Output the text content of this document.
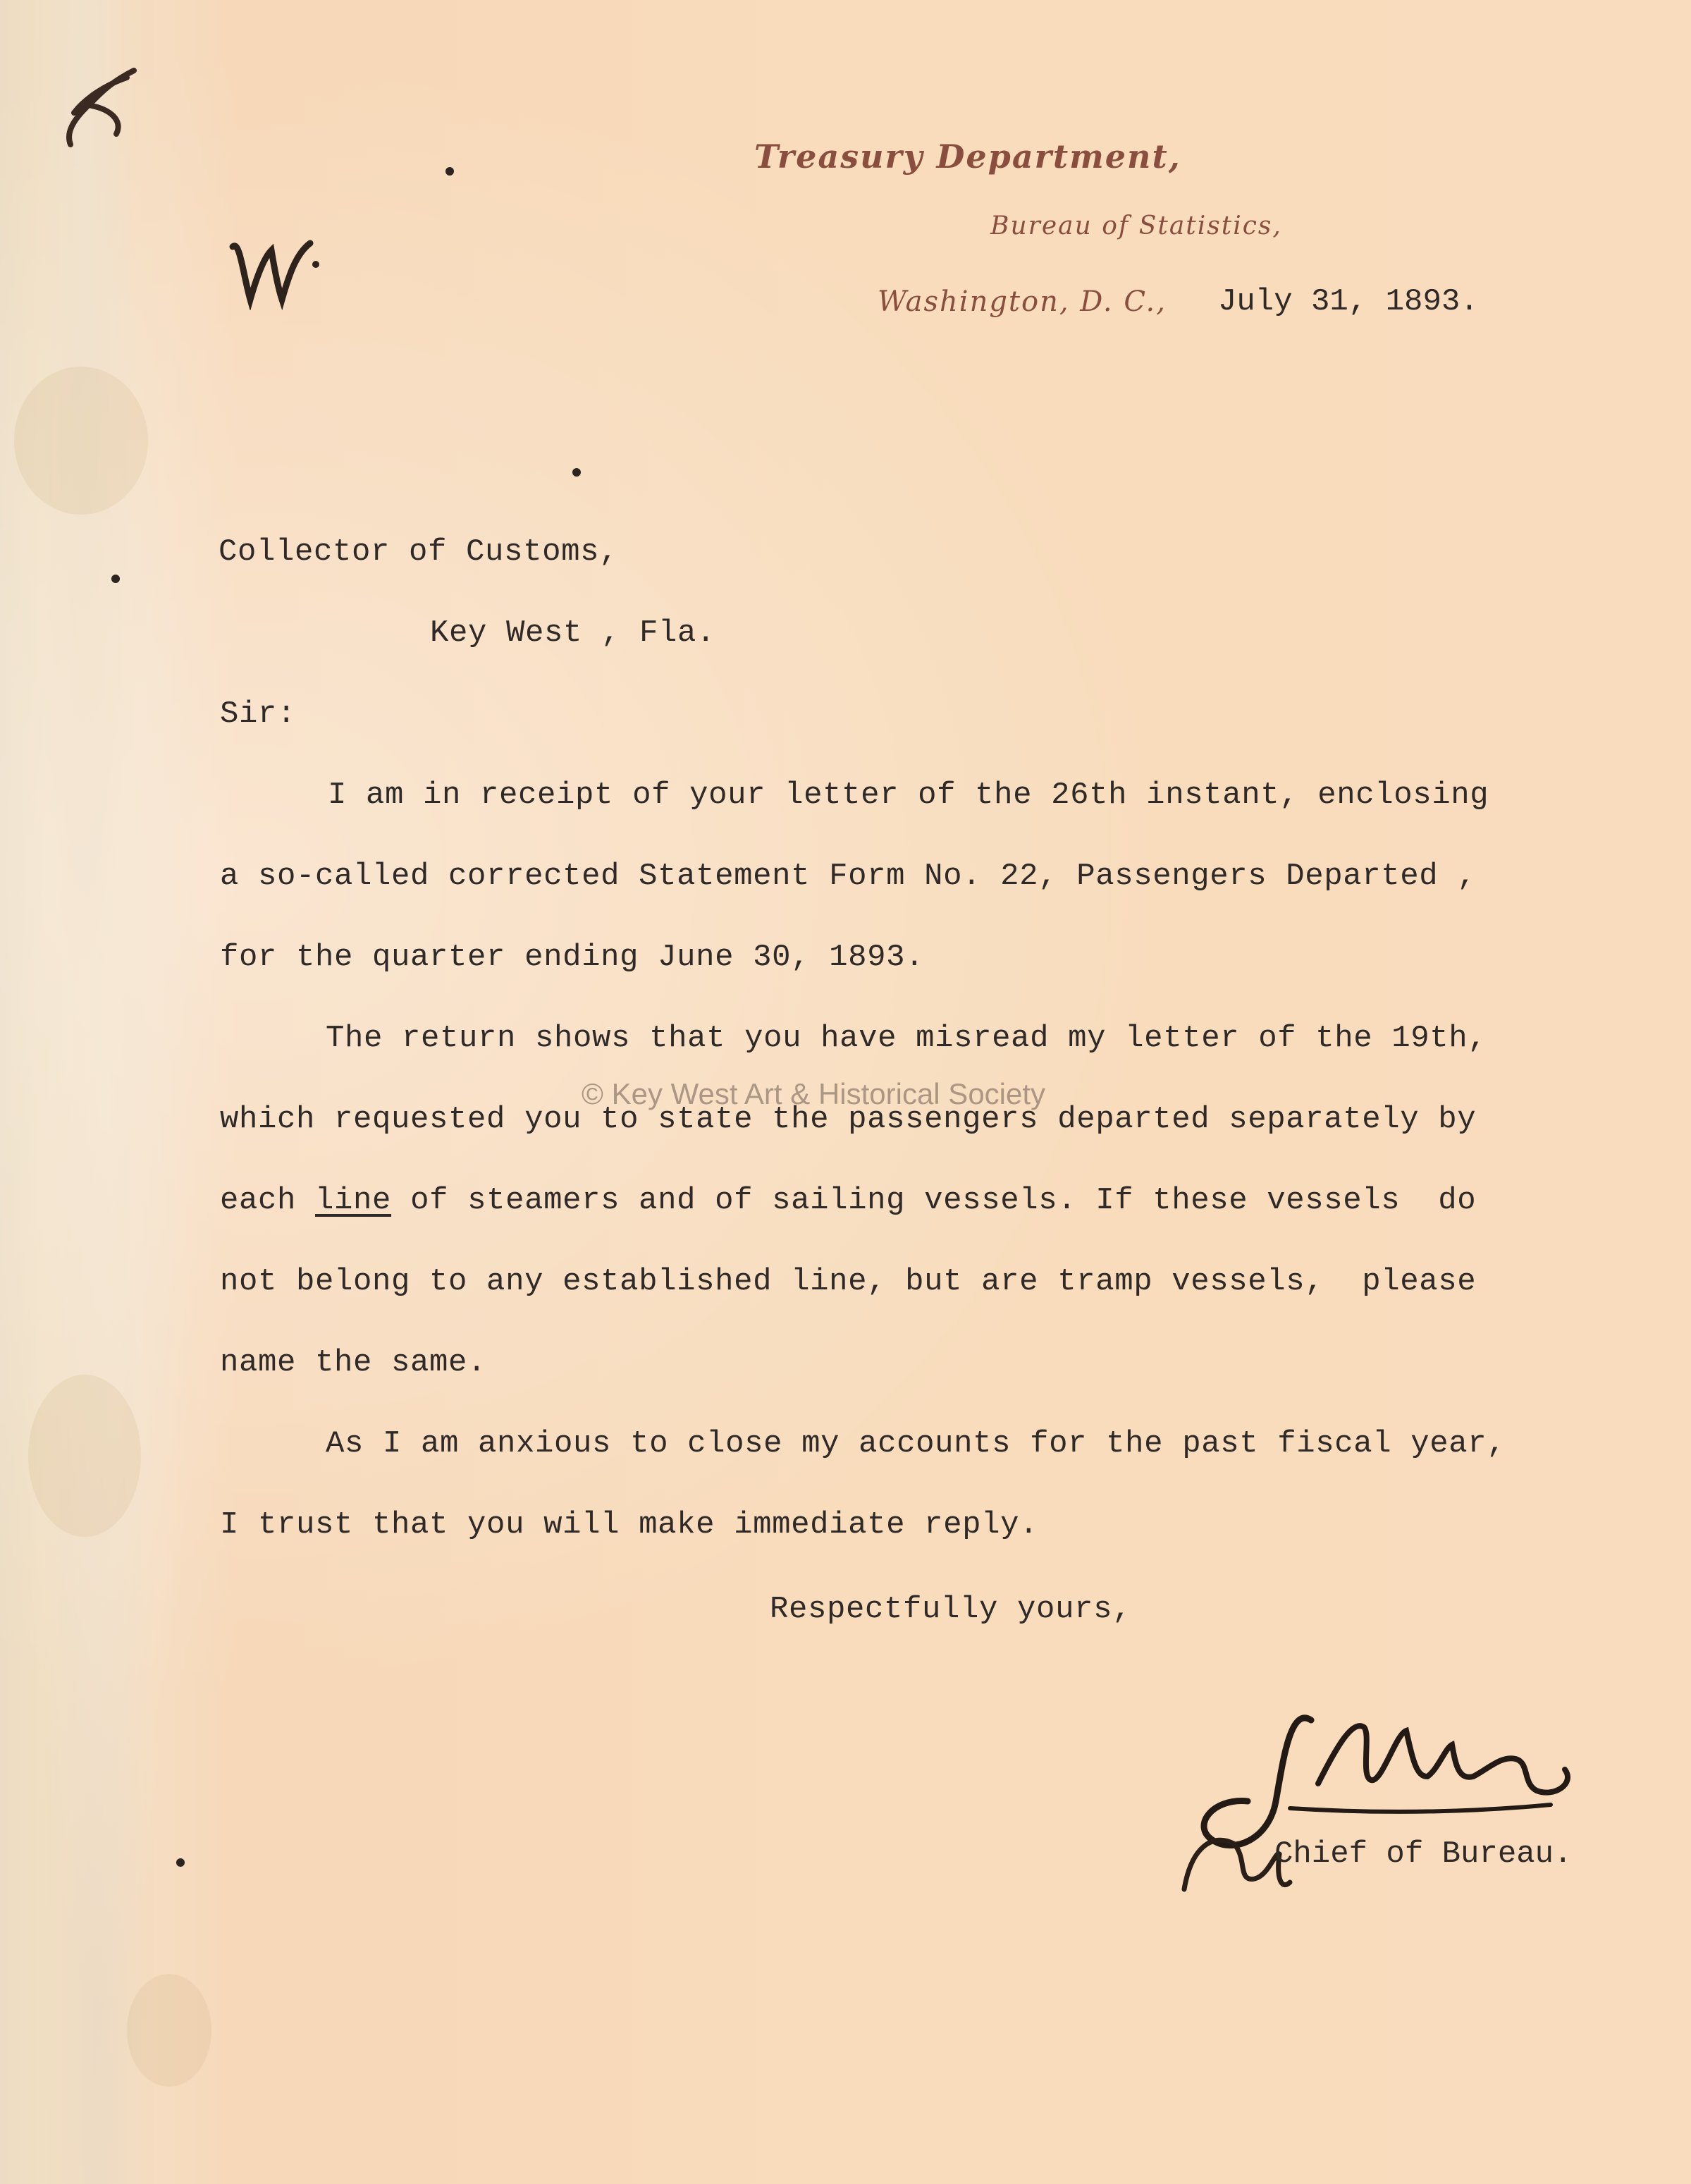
Treasury Department,
Bureau of Statistics,
Washington, D. C., July 31, 1893.
Collector of Customs,
Key West , Fla.
Sir:
I am in receipt of your letter of the 26th instant, enclosing
a so-called corrected Statement Form No. 22, Passengers Departed ,
for the quarter ending June 30, 1893.
The return shows that you have misread my letter of the 19th,
© Key West Art & Historical Society
which requested you to state the passengers departed separately by
each line of steamers and of sailing vessels. If these vessels  do
not belong to any established line, but are tramp vessels,  please
name the same.
As I am anxious to close my accounts for the past fiscal year,
I trust that you will make immediate reply.
Respectfully yours,
Chief of Bureau.
